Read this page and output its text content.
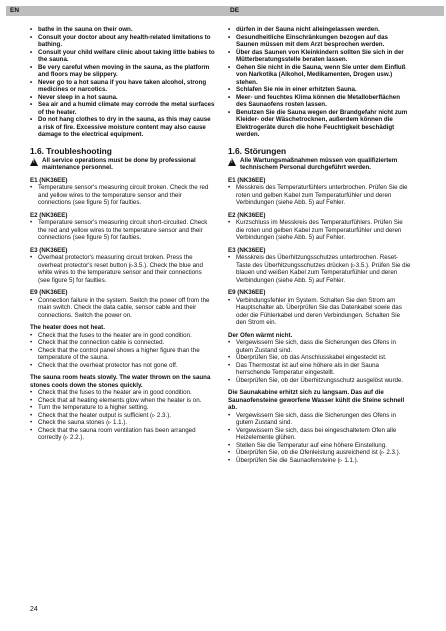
EN	DE
• bathe in the sauna on their own.
• Consult your doctor about any health-related limitations to bathing.
• Consult your child welfare clinic about taking little babies to the sauna.
• Be very careful when moving in the sauna, as the platform and floors may be slippery.
• Never go to a hot sauna if you have taken alcohol, strong medicines or narcotics.
• Never sleep in a hot sauna.
• Sea air and a humid climate may corrode the metal surfaces of the heater.
• Do not hang clothes to dry in the sauna, as this may cause a risk of fire. Excessive moisture content may also cause damage to the electrical equipment.
1.6. Troubleshooting
! All service operations must be done by professional maintenance personnel.
E1 (NK36EE)
• Temperature sensor's measuring circuit broken. Check the red and yellow wires to the temperature sensor and their connections (see figure 5) for faulties.
E2 (NK36EE)
• Temperature sensor's measuring circuit short-circuited. Check the red and yellow wires to the temperature sensor and their connections (see figure 5) for faulties.
E3 (NK36EE)
• Overheat protector's measuring circuit broken. Press the overheat protector's reset button (▹3.5.). Check the blue and white wires to the temperature sensor and their connections (see figure 5) for faulties.
E9 (NK36EE)
• Connection failure in the system. Switch the power off from the main switch. Check the data cable, sensor cable and their connections. Switch the power on.
The heater does not heat.
• Check that the fuses to the heater are in good condition.
• Check that the connection cable is connected.
• Check that the control panel shows a higher figure than the temperature of the sauna.
• Check that the overheat protector has not gone off.
The sauna room heats slowly. The water thrown on the sauna stones cools down the stones quickly.
• Check that the fuses to the heater are in good condition.
• Check that all heating elements glow when the heater is on.
• Turn the temperature to a higher setting.
• Check that the heater output is sufficient (▹ 2.3.).
• Check the sauna stones (▹ 1.1.).
• Check that the sauna room ventilation has been arranged correctly (▹ 2.2.).
• dürfen in der Sauna nicht alleingelassen werden.
• Gesundheitliche Einschränkungen bezogen auf das Saunen müssen mit dem Arzt besprochen werden.
• Über das Saunen von Kleinkindern sollten Sie sich in der Mütterberatungsstelle beraten lassen.
• Gehen Sie nicht in die Sauna, wenn Sie unter dem Einfluß von Narkotika (Alkohol, Medikamenten, Drogen usw.) stehen.
• Schlafen Sie nie in einer erhitzten Sauna.
• Meer- und feuchtes Klima können die Metalloberflächen des Saunaofens rosten lassen.
• Benutzen Sie die Sauna wegen der Brandgefahr nicht zum Kleider- oder Wäschetrocknen, außerdem können die Elektrogeräte durch die hohe Feuchtigkeit beschädigt werden.
1.6. Störungen
! Alle Wartungsmaßnahmen müssen von qualifiziertem technischem Personal durchgeführt werden.
E1 (NK36EE)
• Messkreis des Temperaturfühlers unterbrochen. Prüfen Sie die roten und gelben Kabel zum Temperaturfühler und deren Verbindungen (siehe Abb. 5) auf Fehler.
E2 (NK36EE)
• Kurzschluss im Messkreis des Temperaturfühlers. Prüfen Sie die roten und gelben Kabel zum Temperaturfühler und deren Verbindungen (siehe Abb. 5) auf Fehler.
E3 (NK36EE)
• Messkreis des Überhitzungsschutzes unterbrochen. Reset-Taste des Überhitzungsschutzes drücken (▹3.5.). Prüfen Sie die blauen und weißen Kabel zum Temperaturfühler und deren Verbindungen (siehe Abb. 5) auf Fehler.
E9 (NK36EE)
• Verbindungsfehler im System. Schalten Sie den Strom am Hauptschalter ab. Überprüfen Sie das Datenkabel sowie das oder die Fühlerkabel und deren Verbindungen. Schalten Sie den Strom ein.
Der Ofen wärmt nicht.
• Vergewissern Sie sich, dass die Sicherungen des Ofens in gutem Zustand sind.
• Überprüfen Sie, ob das Anschlusskabel eingesteckt ist.
• Das Thermostat ist auf eine höhere als in der Sauna herrschende Temperatur eingestellt.
• Überprüfen Sie, ob der Überhitzungsschutz ausgelöst wurde.
Die Saunakabine erhitzt sich zu langsam. Das auf die Saunaofensteine geworfene Wasser kühlt die Steine schnell ab.
• Vergewissern Sie sich, dass die Sicherungen des Ofens in gutem Zustand sind.
• Vergewissern Sie sich, dass bei eingeschaltetem Ofen alle Heizelemente glühen.
• Stellen Sie die Temperatur auf eine höhere Einstellung.
• Überprüfen Sie, ob die Ofenleistung ausreichend ist (▹ 2.3.).
• Überprüfen Sie die Saunaofensteine (▹ 1.1.).
24
